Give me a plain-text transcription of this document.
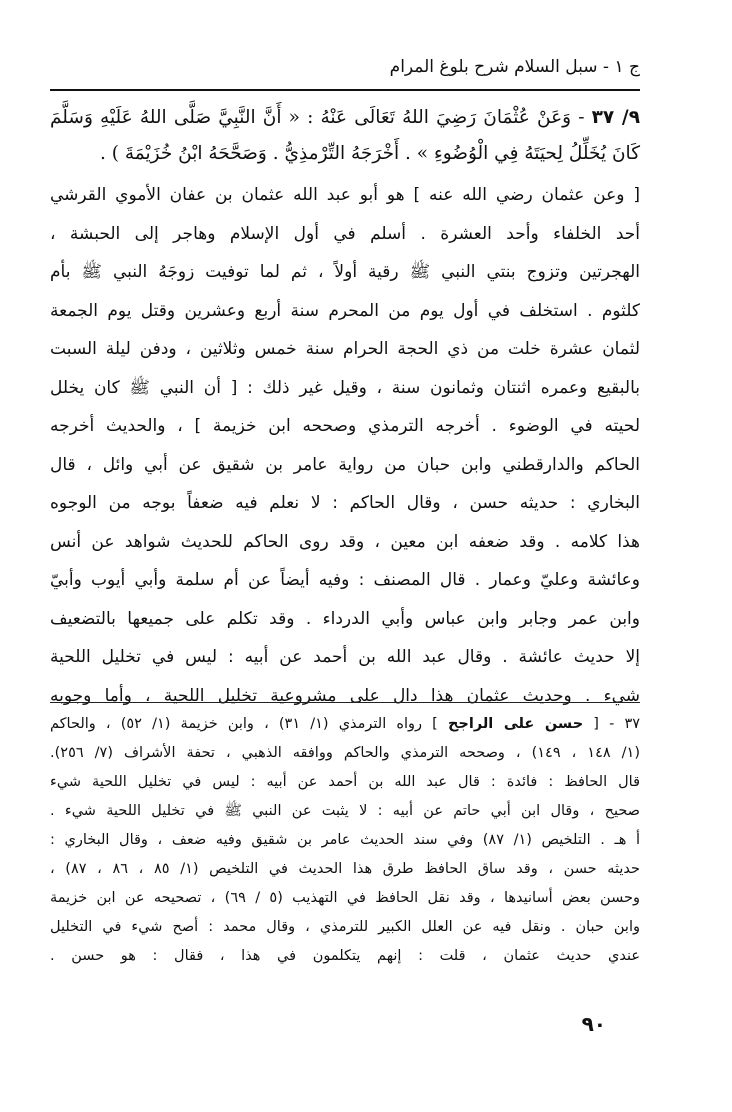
ج ١ - سبل السلام شرح بلوغ المرام
٩/ ٣٧ - وَعَنْ عُثْمَانَ رَضِيَ اللهُ تَعَالَى عَنْهُ : « أَنَّ النَّبِيَّ صَلَّى اللهُ عَلَيْهِ وَسَلَّمَ
كَانَ يُخَلِّلُ لِحيَتَهُ فِي الْوُضُوءِ » . أَخْرَجَهُ التِّرْمذِيُّ . وَصَحَّحَهُ ابْنُ خُزَيْمَةَ ) .
[ وعن عثمان رضي الله عنه ] هو أبو عبد الله عثمان بن عفان الأموي القرشي
أحد الخلفاء وأحد العشرة . أسلم في أول الإسلام وهاجر إلى الحبشة ،
الهجرتين وتزوج بنتي النبي ﷺ رقية أولاً ، ثم لما توفيت زوجَهُ النبي ﷺ بأم
كلثوم . استخلف في أول يوم من المحرم سنة أربع وعشرين وقتل يوم الجمعة
لثمان عشرة خلت من ذي الحجة الحرام سنة خمس وثلاثين ، ودفن ليلة السبت
بالبقيع وعمره اثنتان وثمانون سنة ، وقيل غير ذلك : [ أن النبي ﷺ كان يخلل
لحيته في الوضوء . أخرجه الترمذي وصححه ابن خزيمة ] ، والحديث أخرجه
الحاكم والدارقطني وابن حبان من رواية عامر بن شقيق عن أبي وائل ، قال
البخاري : حديثه حسن ، وقال الحاكم : لا نعلم فيه ضعفاً بوجه من الوجوه
هذا كلامه . وقد ضعفه ابن معين ، وقد روى الحاكم للحديث شواهد عن أنس
وعائشة وعليّ وعمار . قال المصنف : وفيه أيضاً عن أم سلمة وأبي أيوب وأبيّ
وابن عمر وجابر وابن عباس وأبي الدرداء . وقد تكلم على جميعها بالتضعيف
إلا حديث عائشة . وقال عبد الله بن أحمد عن أبيه : ليس في تخليل اللحية
شيء . وحديث عثمان هذا دال على مشروعية تخليل اللحية ، وأما وجوبه
٣٧ - [ حسن على الراجح ] رواه الترمذي (١/ ٣١) ، وابن خزيمة (١/ ٥٢) ، والحاكم
(١/ ١٤٨ ، ١٤٩) ، وصححه الترمذي والحاكم ووافقه الذهبي ، تحفة الأشراف (٧/ ٢٥٦).
قال الحافظ : فائدة : قال عبد الله بن أحمد عن أبيه : ليس في تخليل اللحية شيء
صحيح ، وقال ابن أبي حاتم عن أبيه : لا يثبت عن النبي ﷺ في تخليل اللحية شيء .
أ هـ . التلخيص (١/ ٨٧) وفي سند الحديث عامر بن شقيق وفيه ضعف ، وقال البخاري :
حديثه حسن ، وقد ساق الحافظ طرق هذا الحديث في التلخيص (١/ ٨٥ ، ٨٦ ، ٨٧) ،
وحسن بعض أسانيدها ، وقد نقل الحافظ في التهذيب (٥ / ٦٩) ، تصحيحه عن ابن خزيمة
وابن حبان . ونقل فيه عن العلل الكبير للترمذي ، وقال محمد : أصح شيء في التخليل
عندي حديث عثمان ، قلت : إنهم يتكلمون في هذا ، فقال : هو حسن .
٩٠
